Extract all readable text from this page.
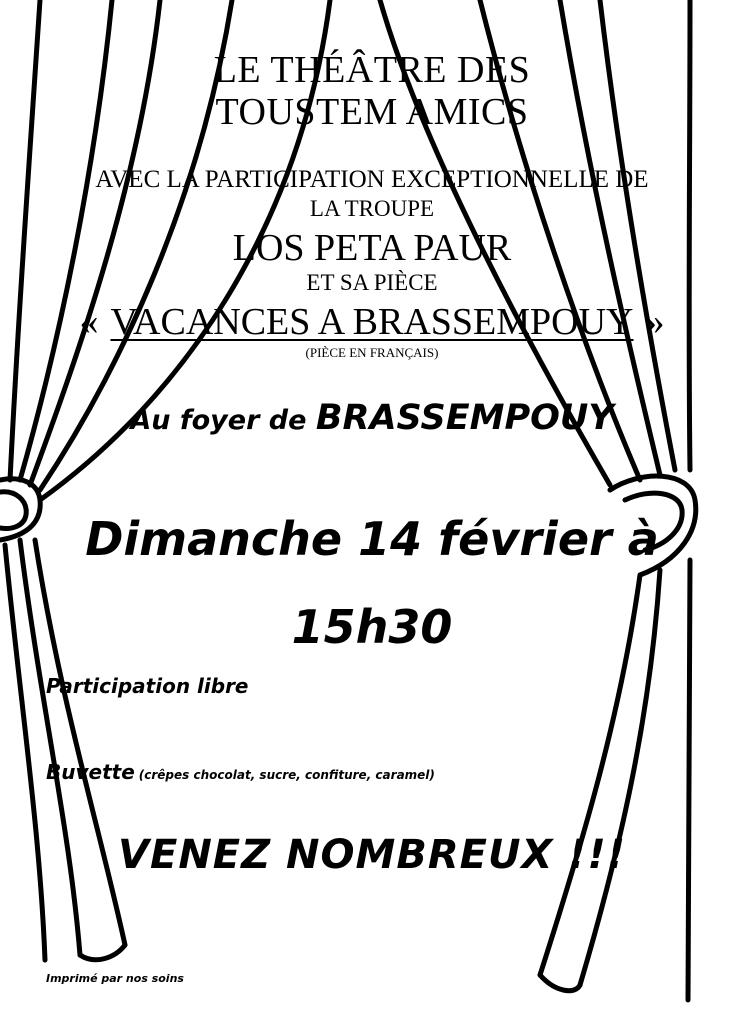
LE THÉÂTRE DES
TOUSTEM AMICS
AVEC LA PARTICIPATION EXCEPTIONNELLE DE
LA TROUPE
LOS PETA PAUR
ET SA PIÈCE
« VACANCES A BRASSEMPOUY »
(PIÈCE EN FRANÇAIS)
Au foyer de BRASSEMPOUY
Dimanche 14 février à
15h30
Participation libre
Buvette (crêpes chocolat, sucre, confiture, caramel)
VENEZ NOMBREUX !!!
Imprimé par nos soins
